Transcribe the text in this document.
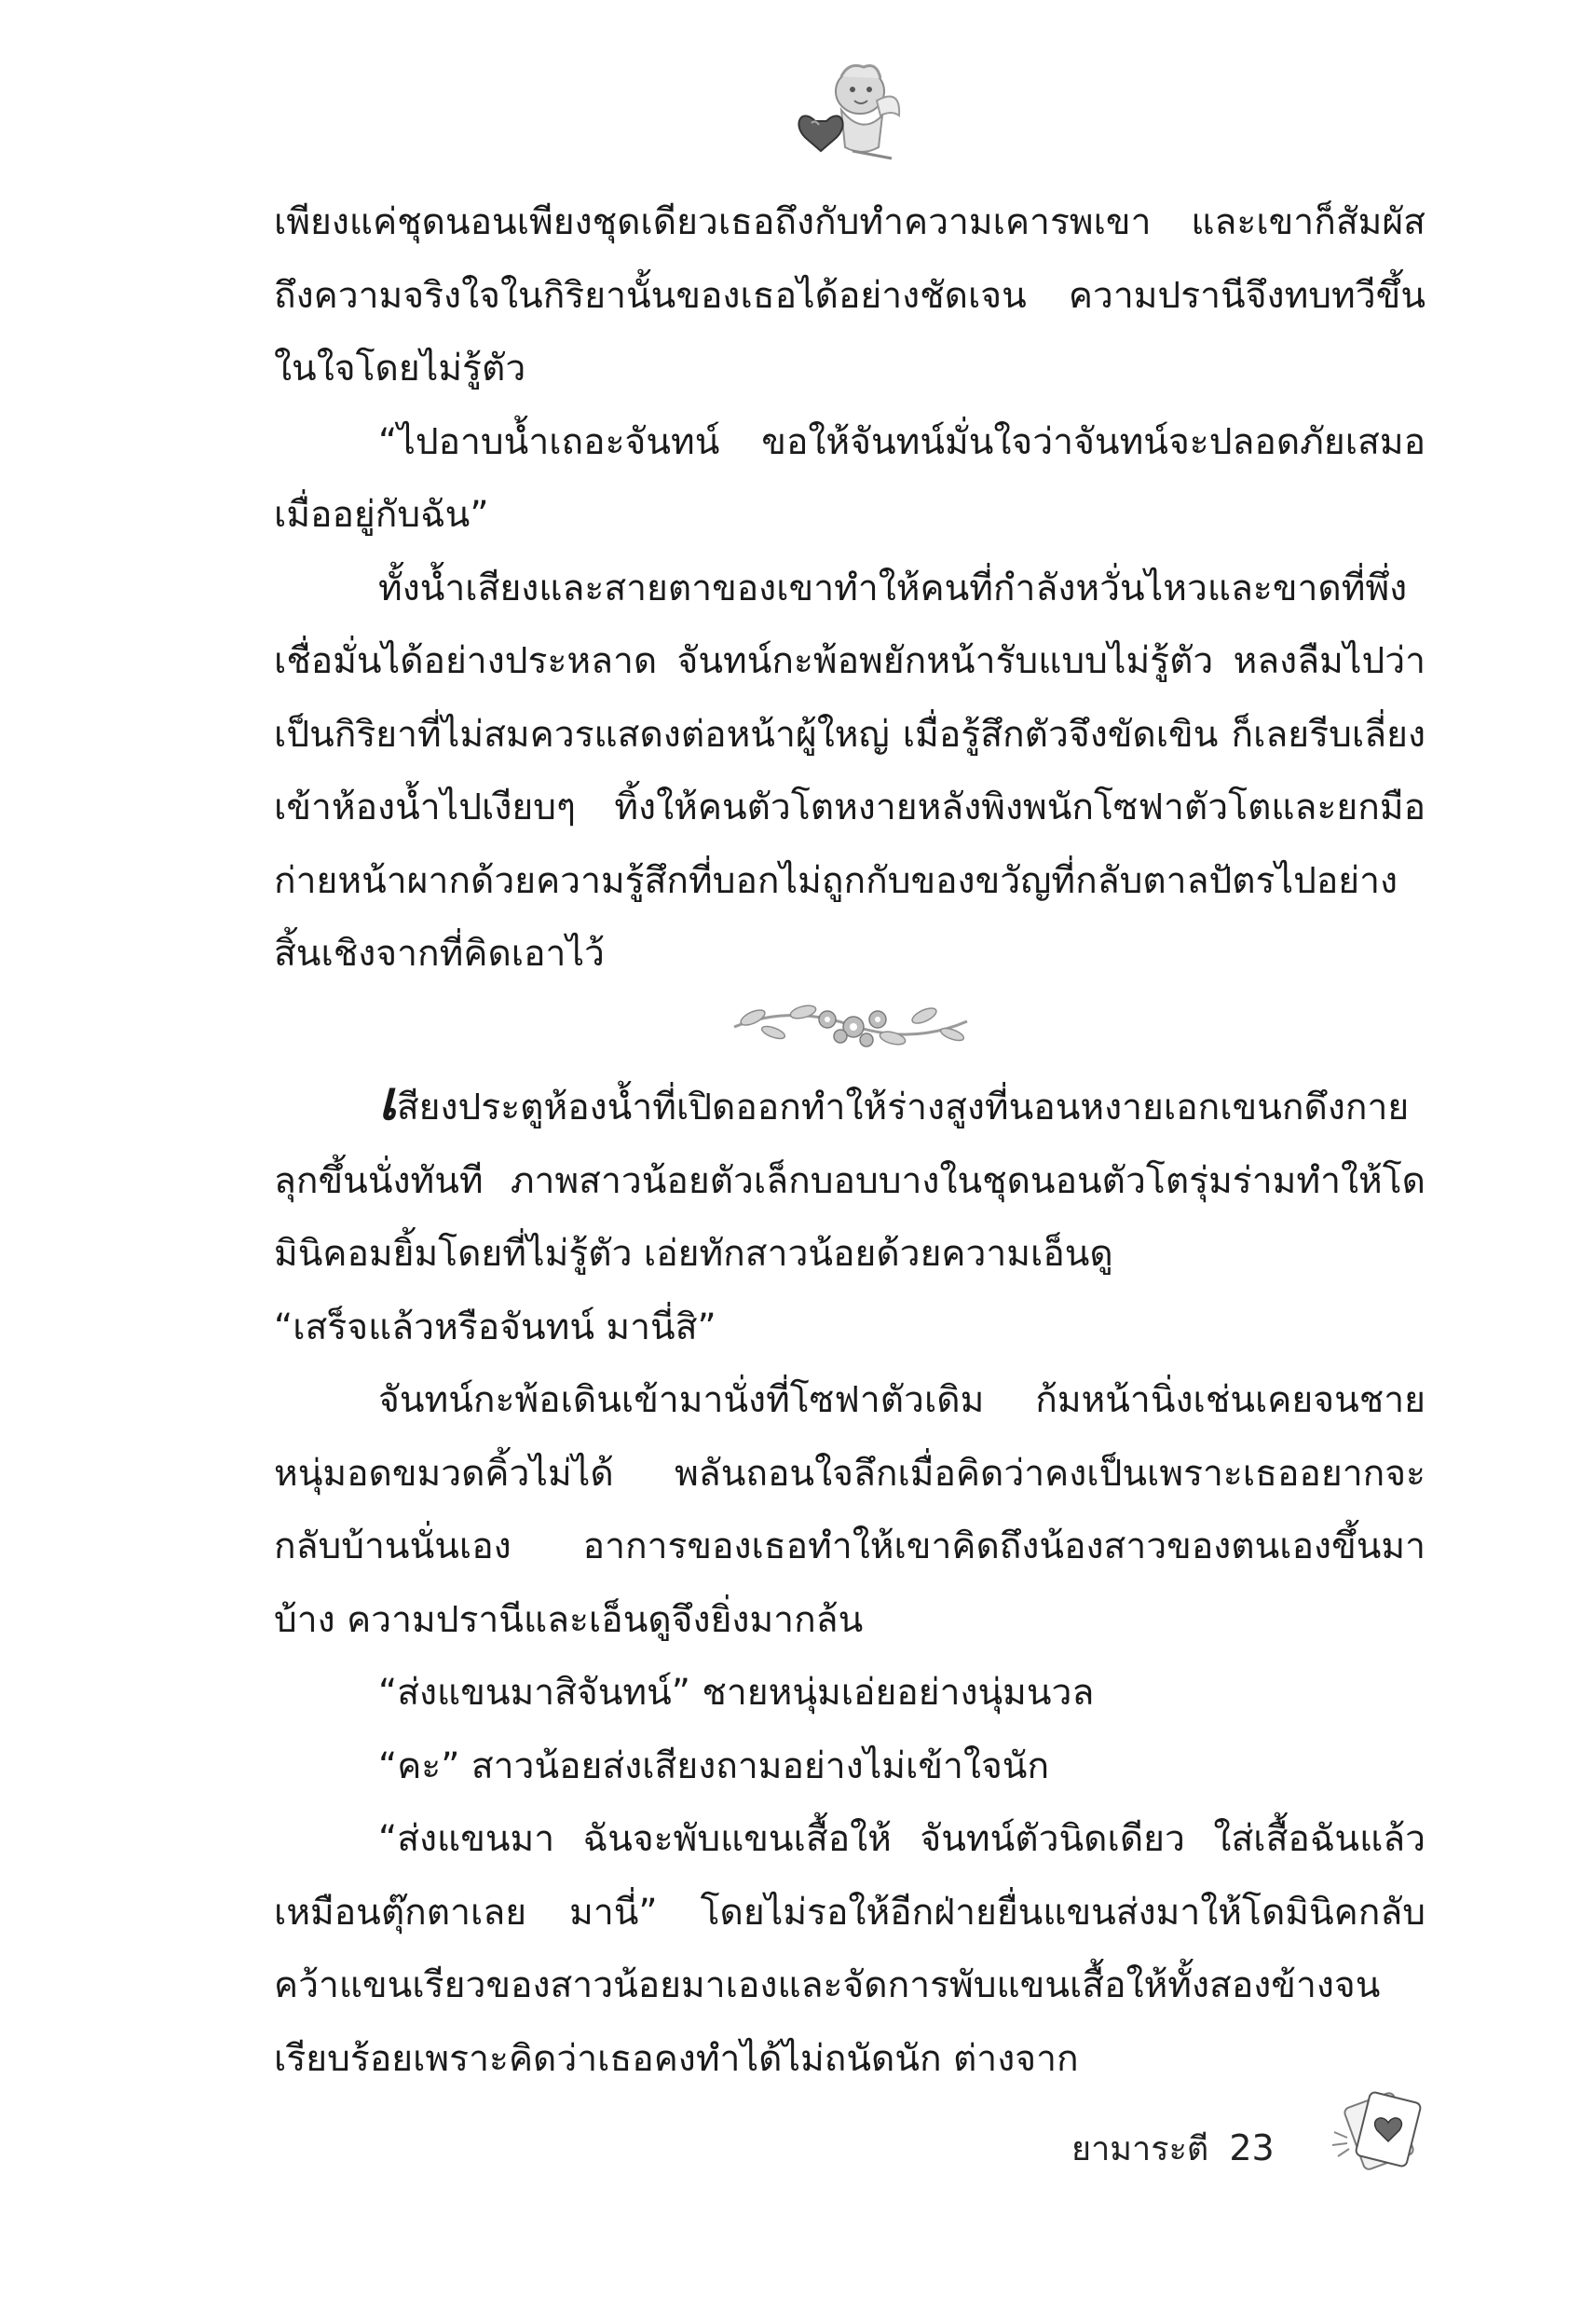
เพียงแค่ชุดนอนเพียงชุดเดียวเธอถึงกับทำความเคารพเขา และเขาก็สัมผัสถึงความจริงใจในกิริยานั้นของเธอได้อย่างชัดเจน ความปรานีจึงทบทวีขึ้นในใจโดยไม่รู้ตัว

“ไปอาบน้ำเถอะจันทน์ ขอให้จันทน์มั่นใจว่าจันทน์จะปลอดภัยเสมอเมื่ออยู่กับฉัน”

ทั้งน้ำเสียงและสายตาของเขาทำให้คนที่กำลังหวั่นไหวและขาดที่พึ่งเชื่อมั่นได้อย่างประหลาด จันทน์กะพ้อพยักหน้ารับแบบไม่รู้ตัว หลงลืมไปว่าเป็นกิริยาที่ไม่สมควรแสดงต่อหน้าผู้ใหญ่ เมื่อรู้สึกตัวจึงขัดเขิน ก็เลยรีบเลี่ยงเข้าห้องน้ำไปเงียบๆ ทิ้งให้คนตัวโตหงายหลังพิงพนักโซฟาตัวโตและยกมือก่ายหน้าผากด้วยความรู้สึกที่บอกไม่ถูกกับของขวัญที่กลับตาลปัตรไปอย่างสิ้นเชิงจากที่คิดเอาไว้

เสียงประตูห้องน้ำที่เปิดออกทำให้ร่างสูงที่นอนหงายเอกเขนกดึงกายลุกขึ้นนั่งทันที ภาพสาวน้อยตัวเล็กบอบบางในชุดนอนตัวโตรุ่มร่ามทำให้โดมินิคอมยิ้มโดยที่ไม่รู้ตัว เอ่ยทักสาวน้อยด้วยความเอ็นดู

“เสร็จแล้วหรือจันทน์ มานี่สิ”

จันทน์กะพ้อเดินเข้ามานั่งที่โซฟาตัวเดิม ก้มหน้านิ่งเช่นเคยจนชายหนุ่มอดขมวดคิ้วไม่ได้ พลันถอนใจลึกเมื่อคิดว่าคงเป็นเพราะเธออยากจะกลับบ้านนั่นเอง อาการของเธอทำให้เขาคิดถึงน้องสาวของตนเองขึ้นมาบ้าง ความปรานีและเอ็นดูจึงยิ่งมากล้น

“ส่งแขนมาสิจันทน์” ชายหนุ่มเอ่ยอย่างนุ่มนวล

“คะ” สาวน้อยส่งเสียงถามอย่างไม่เข้าใจนัก

“ส่งแขนมา ฉันจะพับแขนเสื้อให้ จันทน์ตัวนิดเดียว ใส่เสื้อฉันแล้วเหมือนตุ๊กตาเลย มานี่” โดยไม่รอให้อีกฝ่ายยื่นแขนส่งมาให้โดมินิคกลับคว้าแขนเรียวของสาวน้อยมาเองและจัดการพับแขนเสื้อให้ทั้งสองข้างจนเรียบร้อยเพราะคิดว่าเธอคงทำได้ไม่ถนัดนัก ต่างจาก

ยามาระตี 23
